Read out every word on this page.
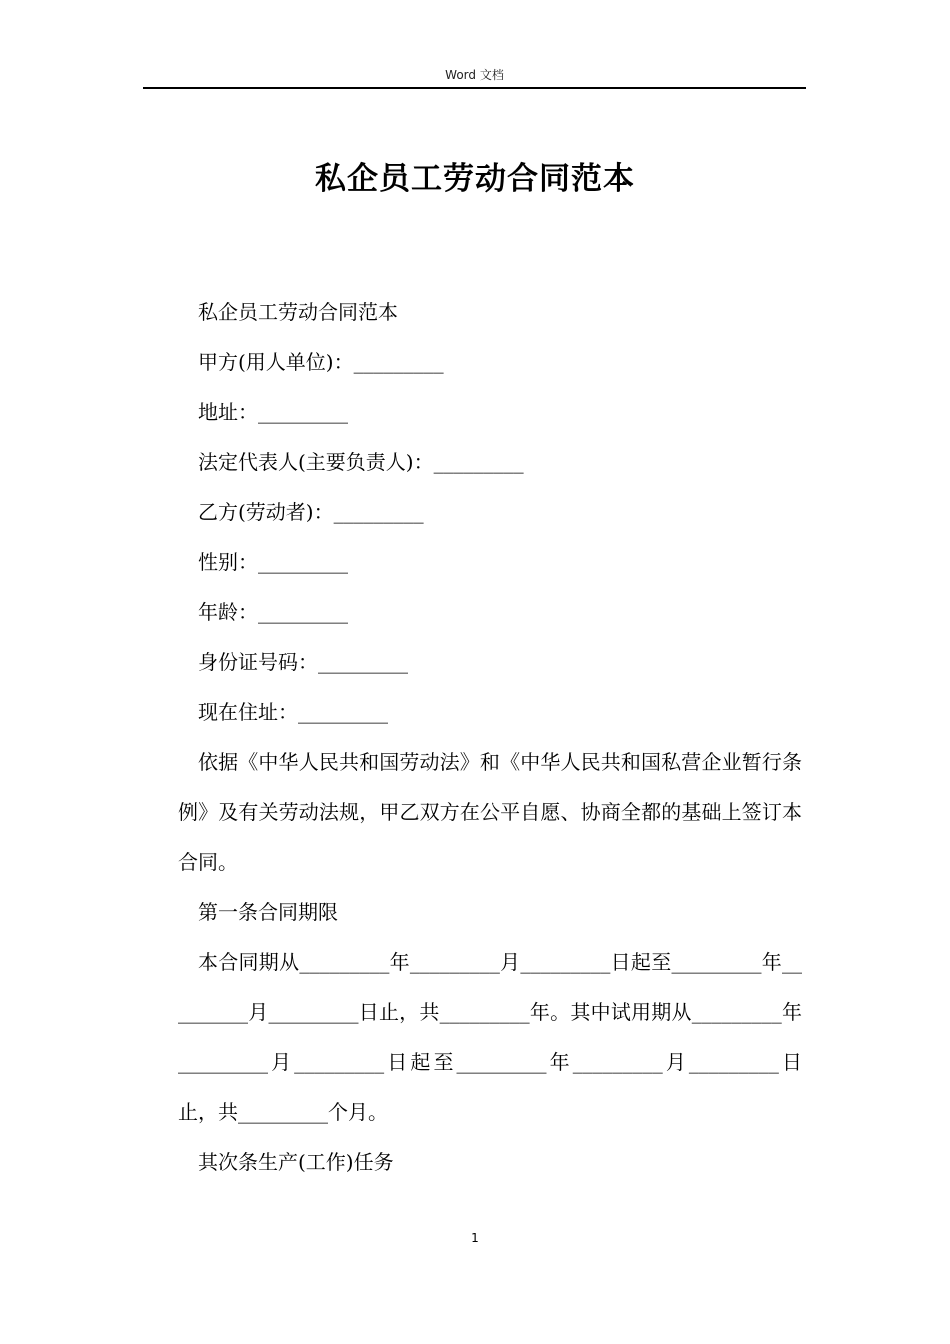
Word 文档
私企员工劳动合同范本

私企员工劳动合同范本

甲方(用人单位)：_________

地址：_________

法定代表人(主要负责人)：_________

乙方(劳动者)：_________

性别：_________

年龄：_________

身份证号码：_________

现在住址：_________

依据《中华人民共和国劳动法》和《中华人民共和国私营企业暂行条例》及有关劳动法规，甲乙双方在公平自愿、协商全都的基础上签订本合同。

第一条合同期限

本合同期从_________年_________月_________日起至_________年_________月_________日止，共_________年。其中试用期从_________年_________月_________日起至_________年_________月_________日止，共_________个月。

其次条生产(工作)任务

1
